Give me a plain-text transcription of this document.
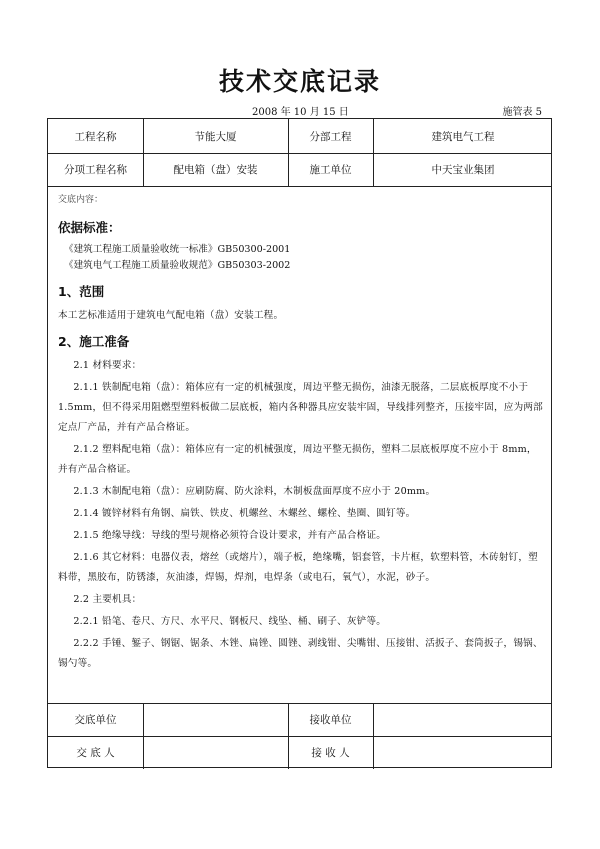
技术交底记录
2008 年 10 月 15 日	施管表 5
工程名称	节能大厦	分部工程	建筑电气工程
分项工程名称	配电箱（盘）安装	施工单位	中天宝业集团
交底内容：
依据标准：
《建筑工程施工质量验收统一标准》GB50300-2001
《建筑电气工程施工质量验收规范》GB50303-2002
1、范围
本工艺标准适用于建筑电气配电箱（盘）安装工程。
2、施工准备
2.1 材料要求：
2.1.1 铁制配电箱（盘）：箱体应有一定的机械强度，周边平整无损伤，油漆无脱落，二层底板厚度不小于 1.5mm，但不得采用阻燃型塑料板做二层底板，箱内各种器具应安装牢固，导线排列整齐，压接牢固，应为两部定点厂产品，并有产品合格证。
2.1.2 塑料配电箱（盘）：箱体应有一定的机械强度，周边平整无损伤，塑料二层底板厚度不应小于 8mm，并有产品合格证。
2.1.3 木制配电箱（盘）：应刷防腐、防火涂料，木制板盘面厚度不应小于 20mm。
2.1.4 镀锌材料有角钢、扁铁、铁皮、机螺丝、木螺丝、螺栓、垫圈、圆钉等。
2.1.5 绝缘导线：导线的型号规格必须符合设计要求，并有产品合格证。
2.1.6 其它材料：电器仪表，熔丝（或熔片），端子板，绝缘嘴，铝套管，卡片框，软塑料管，木砖射钉，塑料带，黑胶布，防锈漆，灰油漆，焊锡，焊剂，电焊条（或电石，氧气），水泥，砂子。
2.2 主要机具：
2.2.1 铅笔、卷尺、方尺、水平尺、钢板尺、线坠、桶、刷子、灰铲等。
2.2.2 手锤、錾子、钢锯、锯条、木锉、扁锉、圆锉、剥线钳、尖嘴钳、压接钳、活扳子、套筒扳子，锡锅、锡勺等。
交底单位	接收单位
交 底 人	接 收 人
